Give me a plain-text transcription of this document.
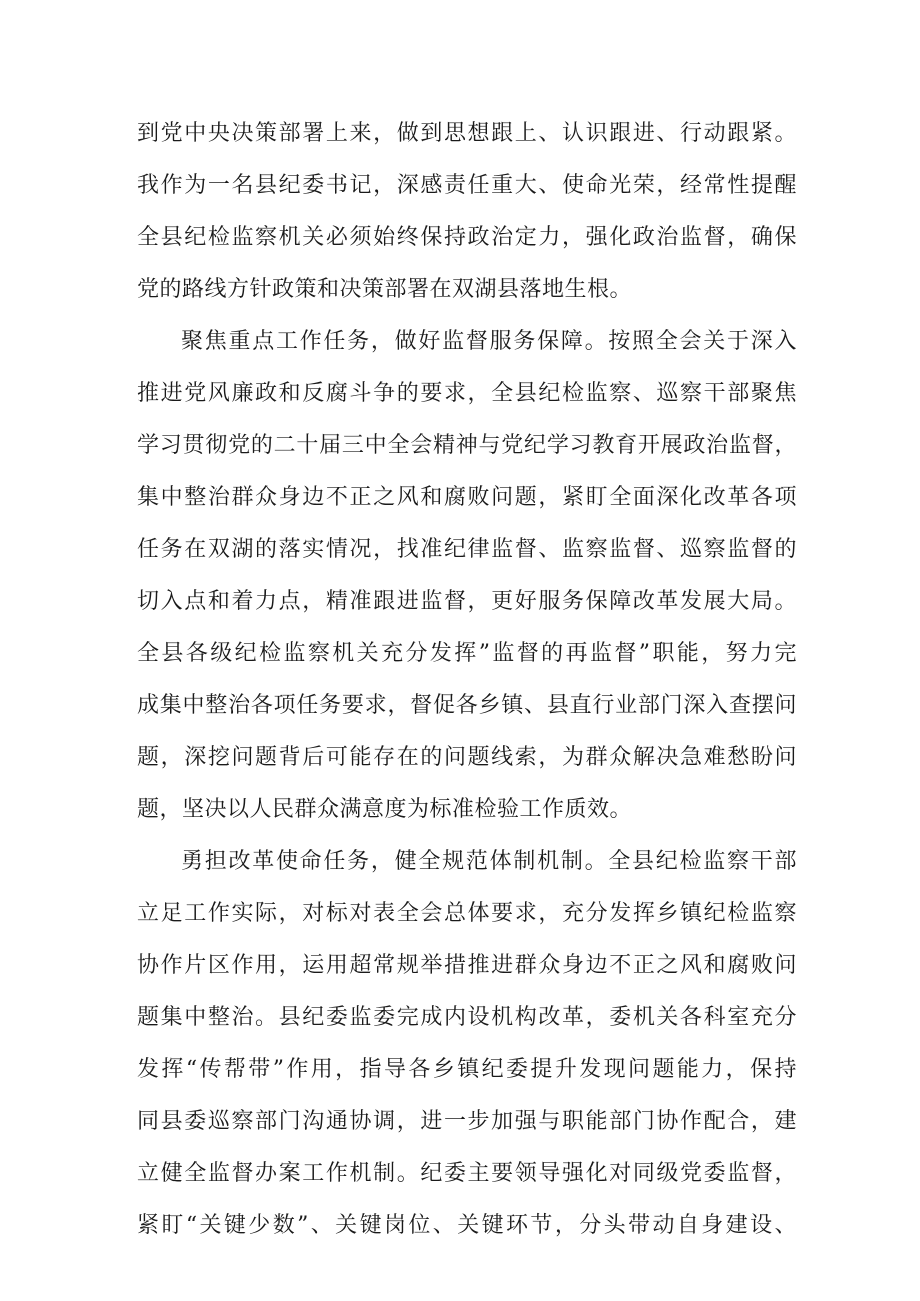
到党中央决策部署上来，做到思想跟上、认识跟进、行动跟紧。
我作为一名县纪委书记，深感责任重大、使命光荣，经常性提醒
全县纪检监察机关必须始终保持政治定力，强化政治监督，确保
党的路线方针政策和决策部署在双湖县落地生根。
聚焦重点工作任务，做好监督服务保障。按照全会关于深入
推进党风廉政和反腐斗争的要求，全县纪检监察、巡察干部聚焦
学习贯彻党的二十届三中全会精神与党纪学习教育开展政治监督，
集中整治群众身边不正之风和腐败问题，紧盯全面深化改革各项
任务在双湖的落实情况，找准纪律监督、监察监督、巡察监督的
切入点和着力点，精准跟进监督，更好服务保障改革发展大局。
全县各级纪检监察机关充分发挥”监督的再监督”职能，努力完
成集中整治各项任务要求，督促各乡镇、县直行业部门深入查摆问
题，深挖问题背后可能存在的问题线索，为群众解决急难愁盼问
题，坚决以人民群众满意度为标准检验工作质效。
勇担改革使命任务，健全规范体制机制。全县纪检监察干部
立足工作实际，对标对表全会总体要求，充分发挥乡镇纪检监察
协作片区作用，运用超常规举措推进群众身边不正之风和腐败问
题集中整治。县纪委监委完成内设机构改革，委机关各科室充分
发挥“传帮带”作用，指导各乡镇纪委提升发现问题能力，保持
同县委巡察部门沟通协调，进一步加强与职能部门协作配合，建
立健全监督办案工作机制。纪委主要领导强化对同级党委监督，
紧盯“关键少数”、关键岗位、关键环节，分头带动自身建设、
